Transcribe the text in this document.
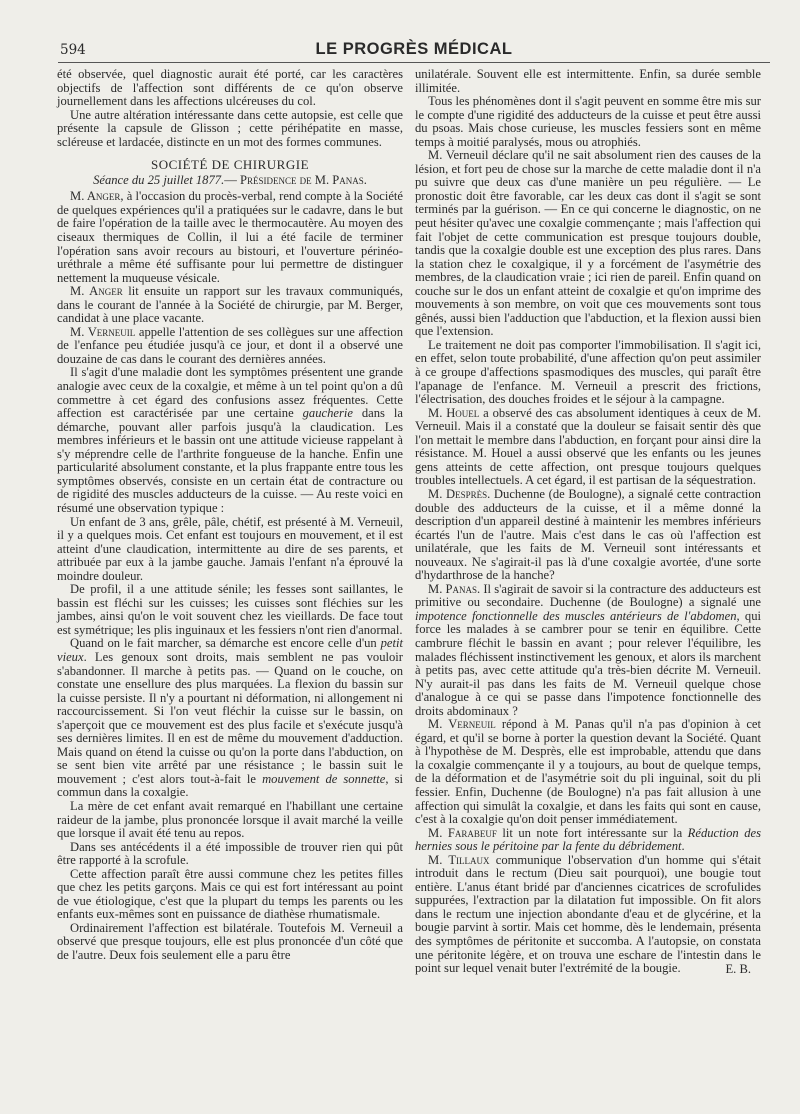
594	LE PROGRÈS MÉDICAL

été observée, quel diagnostic aurait été porté, car les caractères objectifs de l'affection sont différents de ce qu'on observe journellement dans les affections ulcéreuses du col.

Une autre altération intéressante dans cette autopsie, est celle que présente la capsule de Glisson ; cette périhépatite en masse, scléreuse et lardacée, distincte en un mot des formes communes.

SOCIÉTÉ DE CHIRURGIE
Séance du 25 juillet 1877.— Présidence de M. Panas.

M. Anger, à l'occasion du procès-verbal, rend compte à la Société de quelques expériences qu'il a pratiquées sur le cadavre, dans le but de faire l'opération de la taille avec le thermocautère. Au moyen des ciseaux thermiques de Collin, il lui a été facile de terminer l'opération sans avoir recours au bistouri, et l'ouverture périnéo-uréthrale a même été suffisante pour lui permettre de distinguer nettement la muqueuse vésicale.

M. Anger lit ensuite un rapport sur les travaux communiqués, dans le courant de l'année à la Société de chirurgie, par M. Berger, candidat à une place vacante.

M. Verneuil appelle l'attention de ses collègues sur une affection de l'enfance peu étudiée jusqu'à ce jour, et dont il a observé une douzaine de cas dans le courant des dernières années.

Il s'agit d'une maladie dont les symptômes présentent une grande analogie avec ceux de la coxalgie, et même à un tel point qu'on a dû commettre à cet égard des confusions assez fréquentes. Cette affection est caractérisée par une certaine gaucherie dans la démarche, pouvant aller parfois jusqu'à la claudication. Les membres inférieurs et le bassin ont une attitude vicieuse rappelant à s'y méprendre celle de l'arthrite fongueuse de la hanche. Enfin une particularité absolument constante, et la plus frappante entre tous les symptômes observés, consiste en un certain état de contracture ou de rigidité des muscles adducteurs de la cuisse. — Au reste voici en résumé une observation typique :

Un enfant de 3 ans, grêle, pâle, chétif, est présenté à M. Verneuil, il y a quelques mois. Cet enfant est toujours en mouvement, et il est atteint d'une claudication, intermittente au dire de ses parents, et attribuée par eux à la jambe gauche. Jamais l'enfant n'a éprouvé la moindre douleur.

De profil, il a une attitude sénile; les fesses sont saillantes, le bassin est fléchi sur les cuisses; les cuisses sont fléchies sur les jambes, ainsi qu'on le voit souvent chez les vieillards. De face tout est symétrique; les plis inguinaux et les fessiers n'ont rien d'anormal.

Quand on le fait marcher, sa démarche est encore celle d'un petit vieux. Les genoux sont droits, mais semblent ne pas vouloir s'abandonner. Il marche à petits pas. — Quand on le couche, on constate une ensellure des plus marquées. La flexion du bassin sur la cuisse persiste. Il n'y a pourtant ni déformation, ni allongement ni raccourcissement. Si l'on veut fléchir la cuisse sur le bassin, on s'aperçoit que ce mouvement est des plus facile et s'exécute jusqu'à ses dernières limites. Il en est de même du mouvement d'adduction. Mais quand on étend la cuisse ou qu'on la porte dans l'abduction, on se sent bien vite arrêté par une résistance ; le bassin suit le mouvement ; c'est alors tout-à-fait le mouvement de sonnette, si commun dans la coxalgie.

La mère de cet enfant avait remarqué en l'habillant une certaine raideur de la jambe, plus prononcée lorsque il avait marché la veille que lorsque il avait été tenu au repos.

Dans ses antécédents il a été impossible de trouver rien qui pût être rapporté à la scrofule.

Cette affection paraît être aussi commune chez les petites filles que chez les petits garçons. Mais ce qui est fort intéressant au point de vue étiologique, c'est que la plupart du temps les parents ou les enfants eux-mêmes sont en puissance de diathèse rhumatismale.

Ordinairement l'affection est bilatérale. Toutefois M. Verneuil a observé que presque toujours, elle est plus prononcée d'un côté que de l'autre. Deux fois seulement elle a paru être

unilatérale. Souvent elle est intermittente. Enfin, sa durée semble illimitée.

Tous les phénomènes dont il s'agit peuvent en somme être mis sur le compte d'une rigidité des adducteurs de la cuisse et peut être aussi du psoas. Mais chose curieuse, les muscles fessiers sont en même temps à moitié paralysés, mous ou atrophiés.

M. Verneuil déclare qu'il ne sait absolument rien des causes de la lésion, et fort peu de chose sur la marche de cette maladie dont il n'a pu suivre que deux cas d'une manière un peu régulière. — Le pronostic doit être favorable, car les deux cas dont il s'agit se sont terminés par la guérison. — En ce qui concerne le diagnostic, on ne peut hésiter qu'avec une coxalgie commençante ; mais l'affection qui fait l'objet de cette communication est presque toujours double, tandis que la coxalgie double est une exception des plus rares. Dans la station chez le coxalgique, il y a forcément de l'asymétrie des membres, de la claudication vraie ; ici rien de pareil. Enfin quand on couche sur le dos un enfant atteint de coxalgie et qu'on imprime des mouvements à son membre, on voit que ces mouvements sont tous gênés, aussi bien l'adduction que l'abduction, et la flexion aussi bien que l'extension.

Le traitement ne doit pas comporter l'immobilisation. Il s'agit ici, en effet, selon toute probabilité, d'une affection qu'on peut assimiler à ce groupe d'affections spasmodiques des muscles, qui paraît être l'apanage de l'enfance. M. Verneuil a prescrit des frictions, l'électrisation, des douches froides et le séjour à la campagne.

M. Houel a observé des cas absolument identiques à ceux de M. Verneuil. Mais il a constaté que la douleur se faisait sentir dès que l'on mettait le membre dans l'abduction, en forçant pour ainsi dire la résistance. M. Houel a aussi observé que les enfants ou les jeunes gens atteints de cette affection, ont presque toujours quelques troubles intellectuels. A cet égard, il est partisan de la séquestration.

M. Desprès. Duchenne (de Boulogne), a signalé cette contraction double des adducteurs de la cuisse, et il a même donné la description d'un appareil destiné à maintenir les membres inférieurs écartés l'un de l'autre. Mais c'est dans le cas où l'affection est unilatérale, que les faits de M. Verneuil sont intéressants et nouveaux. Ne s'agirait-il pas là d'une coxalgie avortée, d'une sorte d'hydarthrose de la hanche?

M. Panas. Il s'agirait de savoir si la contracture des adducteurs est primitive ou secondaire. Duchenne (de Boulogne) a signalé une impotence fonctionnelle des muscles antérieurs de l'abdomen, qui force les malades à se cambrer pour se tenir en équilibre. Cette cambrure fléchit le bassin en avant ; pour relever l'équilibre, les malades fléchissent instinctivement les genoux, et alors ils marchent à petits pas, avec cette attitude qu'a très-bien décrite M. Verneuil. N'y aurait-il pas dans les faits de M. Verneuil quelque chose d'analogue à ce qui se passe dans l'impotence fonctionnelle des droits abdominaux ?

M. Verneuil répond à M. Panas qu'il n'a pas d'opinion à cet égard, et qu'il se borne à porter la question devant la Société. Quant à l'hypothèse de M. Desprès, elle est improbable, attendu que dans la coxalgie commençante il y a toujours, au bout de quelque temps, de la déformation et de l'asymétrie soit du pli inguinal, soit du pli fessier. Enfin, Duchenne (de Boulogne) n'a pas fait allusion à une affection qui simulât la coxalgie, et dans les faits qui sont en cause, c'est à la coxalgie qu'on doit penser immédiatement.

M. Farabeuf lit un note fort intéressante sur la Réduction des hernies sous le péritoine par la fente du débridement.

M. Tillaux communique l'observation d'un homme qui s'était introduit dans le rectum (Dieu sait pourquoi), une bougie tout entière. L'anus étant bridé par d'anciennes cicatrices de scrofulides suppurées, l'extraction par la dilatation fut impossible. On fit alors dans le rectum une injection abondante d'eau et de glycérine, et la bougie parvint à sortir. Mais cet homme, dès le lendemain, présenta des symptômes de péritonite et succomba. A l'autopsie, on constata une péritonite légère, et on trouva une eschare de l'intestin dans le point sur lequel venait buter l'extrémité de la bougie.	E. B.
